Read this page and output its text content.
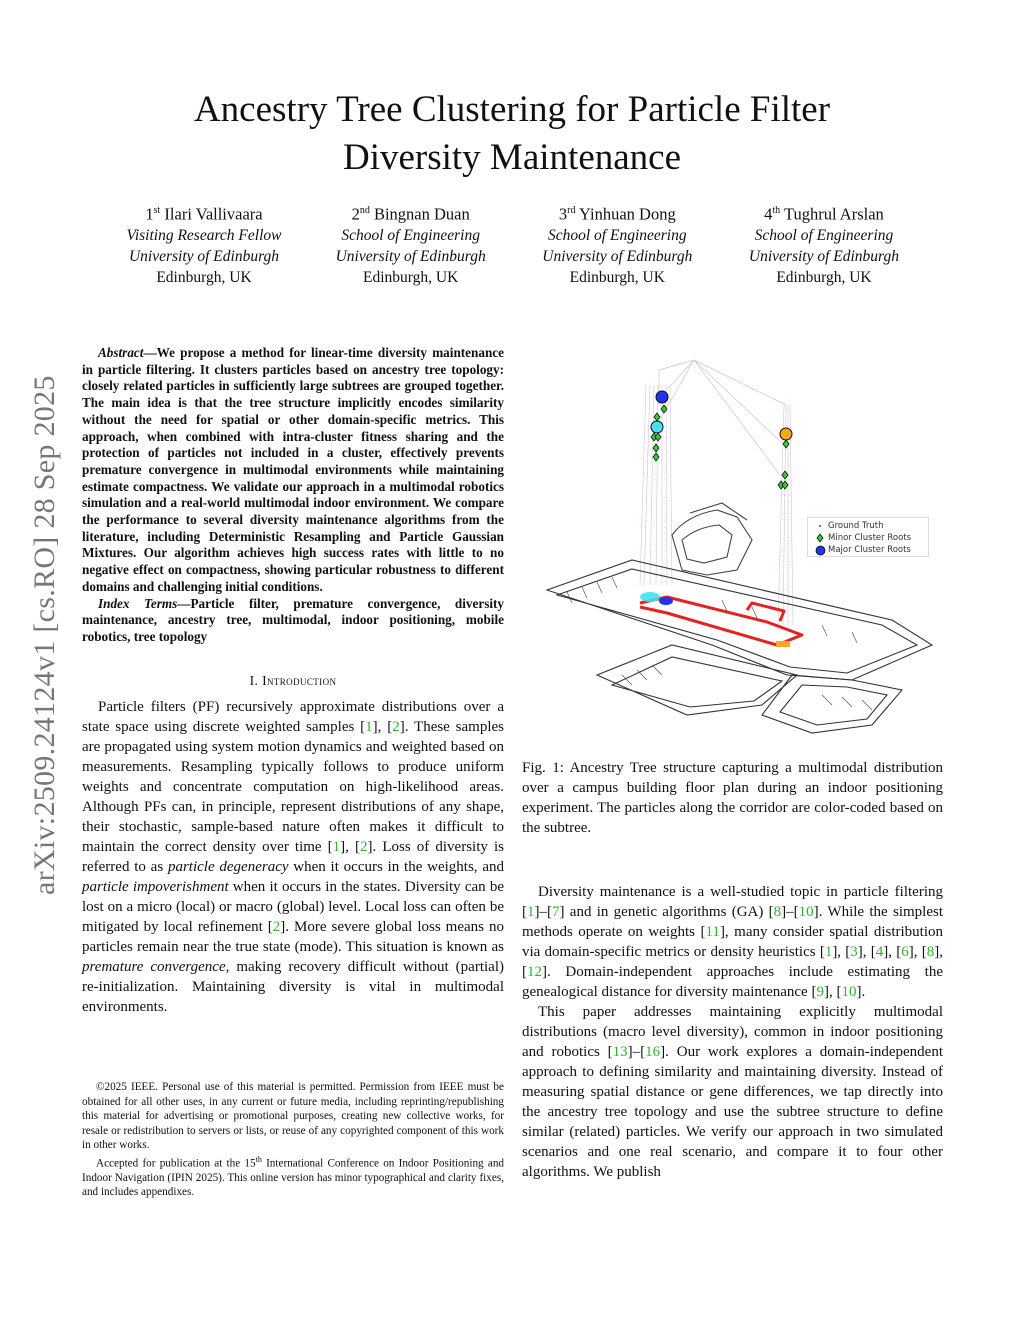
Ancestry Tree Clustering for Particle Filter
Diversity Maintenance
1st Ilari Vallivaara
Visiting Research Fellow
University of Edinburgh
Edinburgh, UK
2nd Bingnan Duan
School of Engineering
University of Edinburgh
Edinburgh, UK
3rd Yinhuan Dong
School of Engineering
University of Edinburgh
Edinburgh, UK
4th Tughrul Arslan
School of Engineering
University of Edinburgh
Edinburgh, UK
arXiv:2509.24124v1 [cs.RO] 28 Sep 2025

Abstract—We propose a method for linear-time diversity maintenance in particle filtering. It clusters particles based on ancestry tree topology: closely related particles in sufficiently large subtrees are grouped together. The main idea is that the tree structure implicitly encodes similarity without the need for spatial or other domain-specific metrics. This approach, when combined with intra-cluster fitness sharing and the protection of particles not included in a cluster, effectively prevents premature convergence in multimodal environments while maintaining estimate compactness. We validate our approach in a multimodal robotics simulation and a real-world multimodal indoor environment. We compare the performance to several diversity maintenance algorithms from the literature, including Deterministic Resampling and Particle Gaussian Mixtures. Our algorithm achieves high success rates with little to no negative effect on compactness, showing particular robustness to different domains and challenging initial conditions.

Index Terms—Particle filter, premature convergence, diversity maintenance, ancestry tree, multimodal, indoor positioning, mobile robotics, tree topology

I. Introduction

Particle filters (PF) recursively approximate distributions over a state space using discrete weighted samples [1], [2]. These samples are propagated using system motion dynamics and weighted based on measurements. Resampling typically follows to produce uniform weights and concentrate computation on high-likelihood areas. Although PFs can, in principle, represent distributions of any shape, their stochastic, sample-based nature often makes it difficult to maintain the correct density over time [1], [2]. Loss of diversity is referred to as particle degeneracy when it occurs in the weights, and particle impoverishment when it occurs in the states. Diversity can be lost on a micro (local) or macro (global) level. Local loss can often be mitigated by local refinement [2]. More severe global loss means no particles remain near the true state (mode). This situation is known as premature convergence, making recovery difficult without (partial) re-initialization. Maintaining diversity is vital in multimodal environments.

©2025 IEEE. Personal use of this material is permitted. Permission from IEEE must be obtained for all other uses, in any current or future media, including reprinting/republishing this material for advertising or promotional purposes, creating new collective works, for resale or redistribution to servers or lists, or reuse of any copyrighted component of this work in other works.

Accepted for publication at the 15th International Conference on Indoor Positioning and Indoor Navigation (IPIN 2025). This online version has minor typographical and clarity fixes, and includes appendixes.

Ground Truth
Minor Cluster Roots
Major Cluster Roots
Fig. 1: Ancestry Tree structure capturing a multimodal distribution over a campus building floor plan during an indoor positioning experiment. The particles along the corridor are color-coded based on the subtree.

Diversity maintenance is a well-studied topic in particle filtering [1]–[7] and in genetic algorithms (GA) [8]–[10]. While the simplest methods operate on weights [11], many consider spatial distribution via domain-specific metrics or density heuristics [1], [3], [4], [6], [8], [12]. Domain-independent approaches include estimating the genealogical distance for diversity maintenance [9], [10].

This paper addresses maintaining explicitly multimodal distributions (macro level diversity), common in indoor positioning and robotics [13]–[16]. Our work explores a domain-independent approach to defining similarity and maintaining diversity. Instead of measuring spatial distance or gene differences, we tap directly into the ancestry tree topology and use the subtree structure to define similar (related) particles. We verify our approach in two simulated scenarios and one real scenario, and compare it to four other algorithms. We publish
